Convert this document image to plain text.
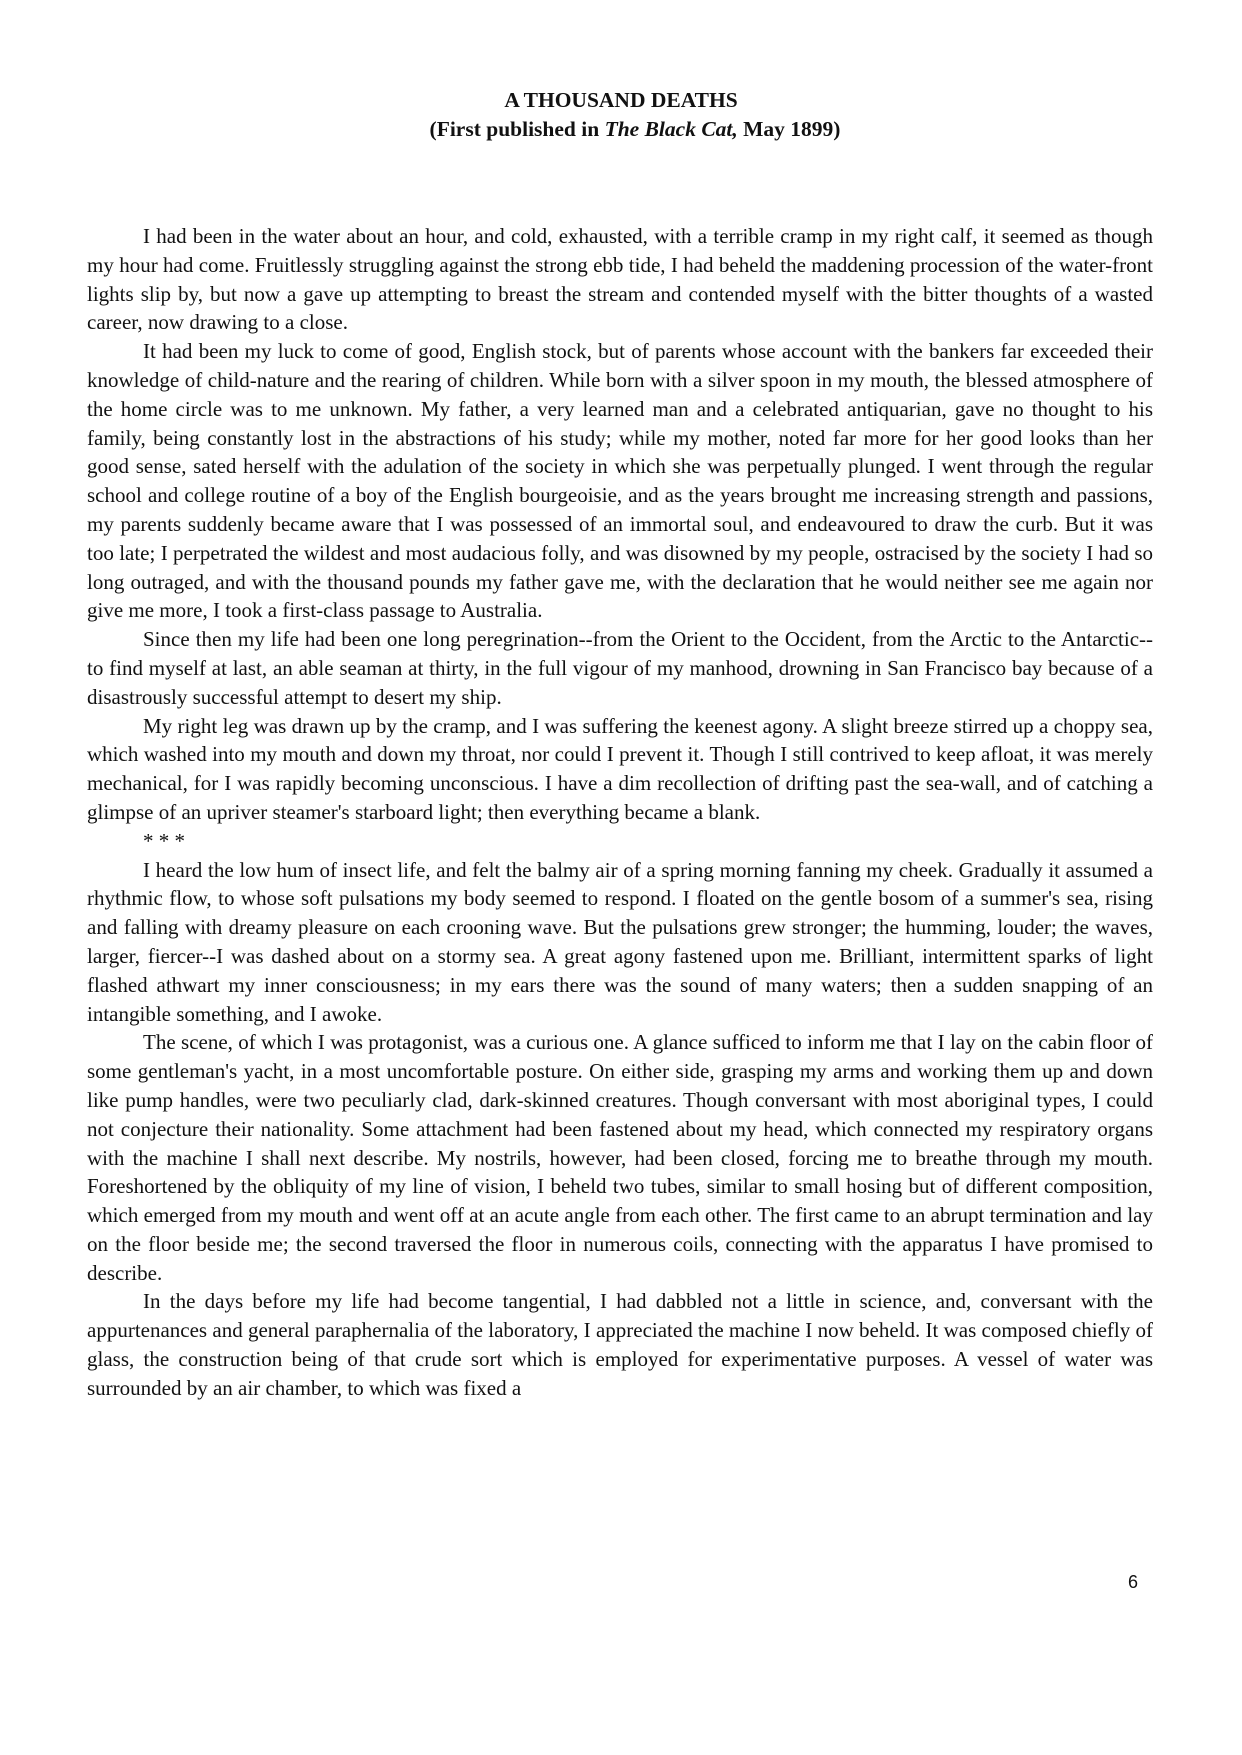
A THOUSAND DEATHS
(First published in The Black Cat, May 1899)

I had been in the water about an hour, and cold, exhausted, with a terrible cramp in my right calf, it seemed as though my hour had come. Fruitlessly struggling against the strong ebb tide, I had beheld the maddening procession of the water-front lights slip by, but now a gave up attempting to breast the stream and contended myself with the bitter thoughts of a wasted career, now drawing to a close.

It had been my luck to come of good, English stock, but of parents whose account with the bankers far exceeded their knowledge of child-nature and the rearing of children. While born with a silver spoon in my mouth, the blessed atmosphere of the home circle was to me unknown. My father, a very learned man and a celebrated antiquarian, gave no thought to his family, being constantly lost in the abstractions of his study; while my mother, noted far more for her good looks than her good sense, sated herself with the adulation of the society in which she was perpetually plunged. I went through the regular school and college routine of a boy of the English bourgeoisie, and as the years brought me increasing strength and passions, my parents suddenly became aware that I was possessed of an immortal soul, and endeavoured to draw the curb. But it was too late; I perpetrated the wildest and most audacious folly, and was disowned by my people, ostracised by the society I had so long outraged, and with the thousand pounds my father gave me, with the declaration that he would neither see me again nor give me more, I took a first-class passage to Australia.

Since then my life had been one long peregrination--from the Orient to the Occident, from the Arctic to the Antarctic--to find myself at last, an able seaman at thirty, in the full vigour of my manhood, drowning in San Francisco bay because of a disastrously successful attempt to desert my ship.

My right leg was drawn up by the cramp, and I was suffering the keenest agony. A slight breeze stirred up a choppy sea, which washed into my mouth and down my throat, nor could I prevent it. Though I still contrived to keep afloat, it was merely mechanical, for I was rapidly becoming unconscious. I have a dim recollection of drifting past the sea-wall, and of catching a glimpse of an upriver steamer's starboard light; then everything became a blank.

* * *

I heard the low hum of insect life, and felt the balmy air of a spring morning fanning my cheek. Gradually it assumed a rhythmic flow, to whose soft pulsations my body seemed to respond. I floated on the gentle bosom of a summer's sea, rising and falling with dreamy pleasure on each crooning wave. But the pulsations grew stronger; the humming, louder; the waves, larger, fiercer--I was dashed about on a stormy sea. A great agony fastened upon me. Brilliant, intermittent sparks of light flashed athwart my inner consciousness; in my ears there was the sound of many waters; then a sudden snapping of an intangible something, and I awoke.

The scene, of which I was protagonist, was a curious one. A glance sufficed to inform me that I lay on the cabin floor of some gentleman's yacht, in a most uncomfortable posture. On either side, grasping my arms and working them up and down like pump handles, were two peculiarly clad, dark-skinned creatures. Though conversant with most aboriginal types, I could not conjecture their nationality. Some attachment had been fastened about my head, which connected my respiratory organs with the machine I shall next describe. My nostrils, however, had been closed, forcing me to breathe through my mouth. Foreshortened by the obliquity of my line of vision, I beheld two tubes, similar to small hosing but of different composition, which emerged from my mouth and went off at an acute angle from each other. The first came to an abrupt termination and lay on the floor beside me; the second traversed the floor in numerous coils, connecting with the apparatus I have promised to describe.

In the days before my life had become tangential, I had dabbled not a little in science, and, conversant with the appurtenances and general paraphernalia of the laboratory, I appreciated the machine I now beheld. It was composed chiefly of glass, the construction being of that crude sort which is employed for experimentative purposes. A vessel of water was surrounded by an air chamber, to which was fixed a

6
